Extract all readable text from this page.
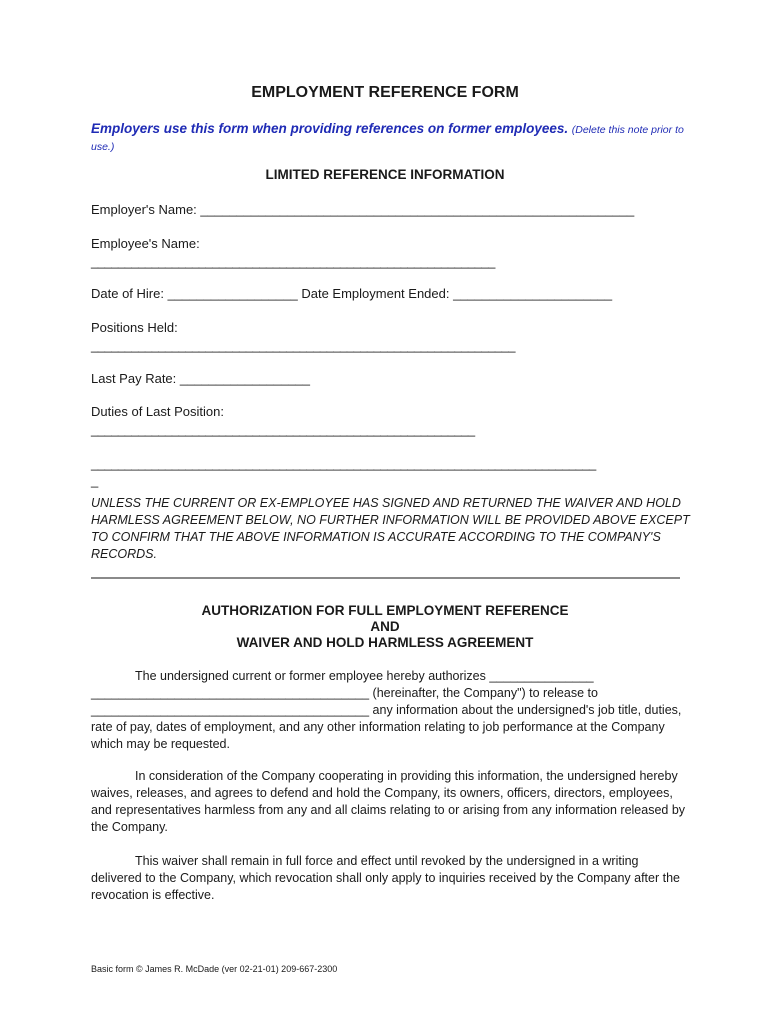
EMPLOYMENT REFERENCE FORM
Employers use this form when providing references on former employees. (Delete this note prior to use.)
LIMITED REFERENCE INFORMATION
Employer's Name: ____________________________________________________________
Employee's Name:
____________________________________________________________
Date of Hire: __________________ Date Employment Ended: ______________________
Positions Held:
_______________________________________________________________
Last Pay Rate: __________________
Duties of Last Position:
_________________________________________________________
___________________________________________________________________________
_
UNLESS THE CURRENT OR EX-EMPLOYEE HAS SIGNED AND RETURNED THE WAIVER AND HOLD HARMLESS AGREEMENT BELOW, NO FURTHER INFORMATION WILL BE PROVIDED ABOVE EXCEPT TO CONFIRM THAT THE ABOVE INFORMATION IS ACCURATE ACCORDING TO THE COMPANY'S RECORDS.
AUTHORIZATION FOR FULL EMPLOYMENT REFERENCE
AND
WAIVER AND HOLD HARMLESS AGREEMENT
The undersigned current or former employee hereby authorizes _______________ ________________________________________ (hereinafter, the Company") to release to ________________________________________ any information about the undersigned's job title, duties, rate of pay, dates of employment, and any other information relating to job performance at the Company which may be requested.
In consideration of the Company cooperating in providing this information, the undersigned hereby waives, releases, and agrees to defend and hold the Company, its owners, officers, directors, employees, and representatives harmless from any and all claims relating to or arising from any information released by the Company.
This waiver shall remain in full force and effect until revoked by the undersigned in a writing delivered to the Company, which revocation shall only apply to inquiries received by the Company after the revocation is effective.
Basic form © James R. McDade (ver 02-21-01) 209-667-2300
